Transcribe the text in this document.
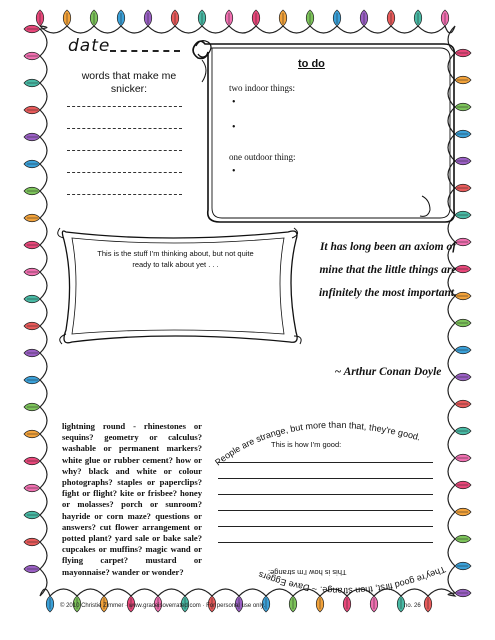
date
words that make me snicker:
to do
two indoor things:
•
•
one outdoor thing:
•
This is the stuff I'm thinking about, but not quite ready to talk about yet . . .
It has long been an axiom of mine that the little things are infinitely the most important.
~ Arthur Conan Doyle
lightning round - rhinestones or sequins? geometry or calculus? washable or permanent markers? white glue or rubber cement? how or why? black and white or colour photographs? staples or paperclips? fight or flight? kite or frisbee? honey or molasses? porch or sunroom? hayride or corn maze? questions or answers? cut flower arrangement or potted plant? yard sale or bake sale? cupcakes or muffins? magic wand or flying carpet? mustard or mayonnaise? wander or wonder?
People are strange, but more than that, they're good.
They're good first, then strange. ~ Dave Eggers
This is how I'm good:
This is how I'm strange:
© 2010 Christie Zimmer · www.graceisoverrated.com · For personal use only.	no. 26
